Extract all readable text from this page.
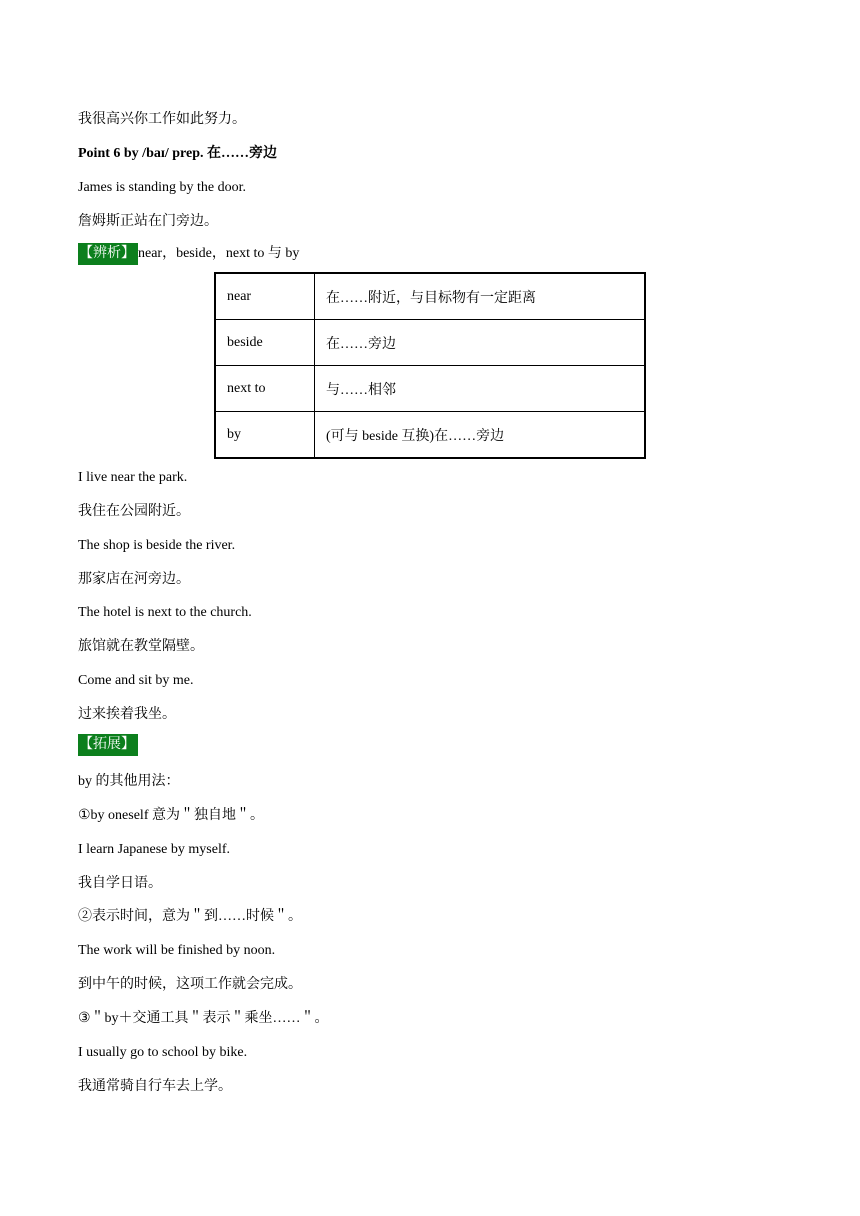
我很高兴你工作如此努力。
Point 6 by /baɪ/ prep. 在……旁边
James is standing by the door.
詹姆斯正站在门旁边。
【辨析】 near，beside，next to 与 by
near	在……附近，与目标物有一定距离
beside	在……旁边
next to	与……相邻
by	(可与 beside 互换)在……旁边
I live near the park.
我住在公园附近。
The shop is beside the river.
那家店在河旁边。
The hotel is next to the church.
旅馆就在教堂隔壁。
Come and sit by me.
过来挨着我坐。
【拓展】
by 的其他用法：
①by oneself 意为＂独自地＂。
I learn Japanese by myself.
我自学日语。
②表示时间，意为＂到……时候＂。
The work will be finished by noon.
到中午的时候，这项工作就会完成。
③＂by＋交通工具＂表示＂乘坐……＂。
I usually go to school by bike.
我通常骑自行车去上学。
